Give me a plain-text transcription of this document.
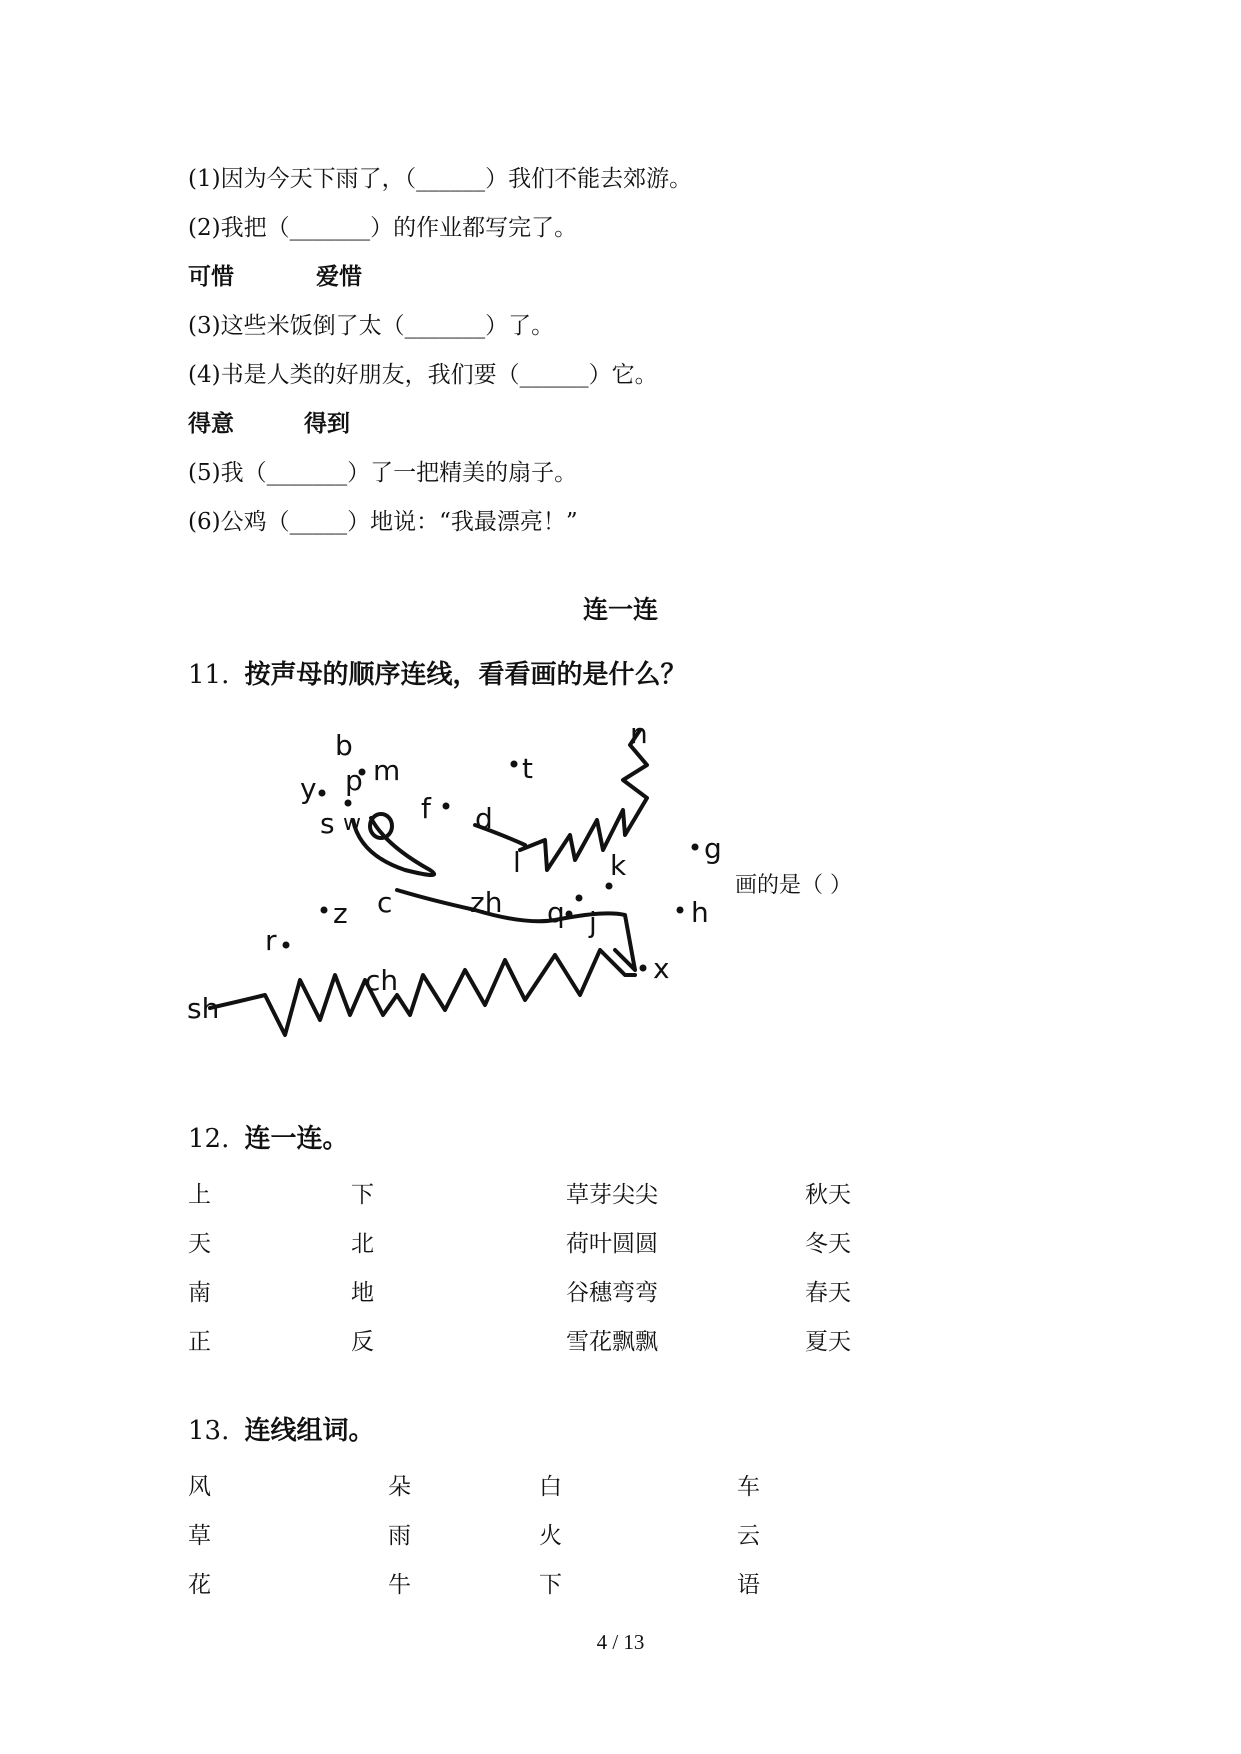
(1)因为今天下雨了，（______）我们不能去郊游。
(2)我把（_______）的作业都写完了。
可惜	爱惜
(3)这些米饭倒了太（_______）了。
(4)书是人类的好朋友，我们要（______）它。
得意	得到
(5)我（_______）了一把精美的扇子。
(6)公鸡（_____）地说：“我最漂亮！”
连一连
11. 按声母的顺序连线，看看画的是什么？
b
y p m
s w f
t
n
d
l	k
g
z c	zh q j	h
r
ch	x
sh
画的是（ ）
12. 连一连。
上	下	草芽尖尖	秋天
天	北	荷叶圆圆	冬天
南	地	谷穗弯弯	春天
正	反	雪花飘飘	夏天
13. 连线组词。
风	朵	白	车
草	雨	火	云
花	牛	下	语
4 / 13
